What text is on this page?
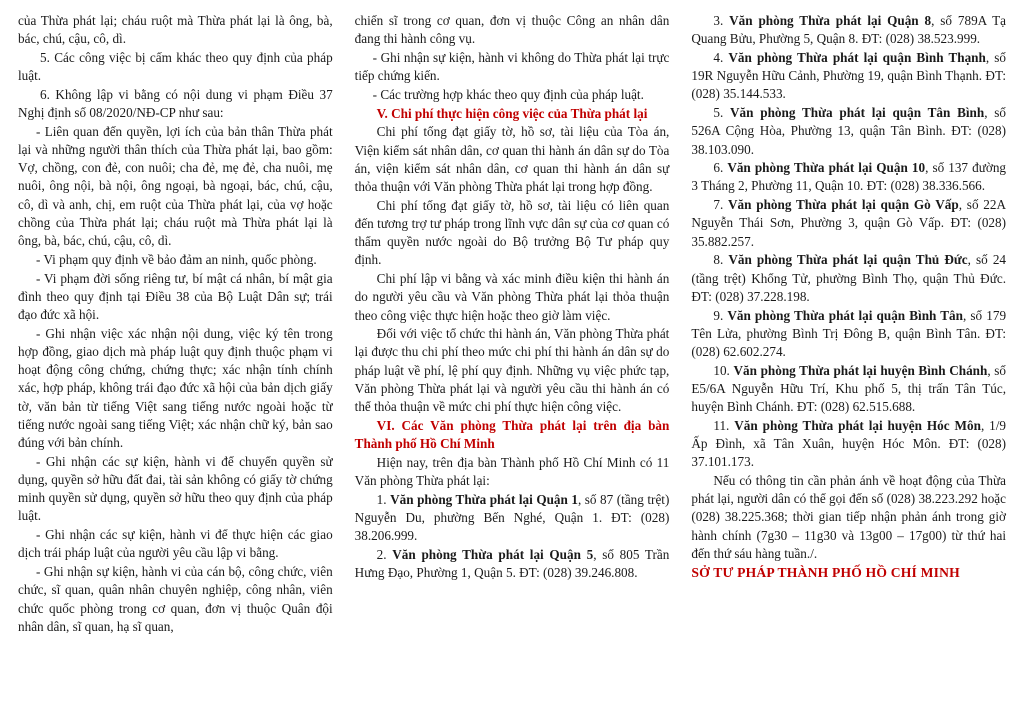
của Thừa phát lại; cháu ruột mà Thừa phát lại là ông, bà, bác, chú, cậu, cô, dì.

5. Các công việc bị cấm khác theo quy định của pháp luật.

6. Không lập vi bằng có nội dung vi phạm Điều 37 Nghị định số 08/2020/NĐ-CP như sau:

- Liên quan đến quyền, lợi ích của bản thân Thừa phát lại và những người thân thích của Thừa phát lại, bao gồm: Vợ, chồng, con đẻ, con nuôi; cha đẻ, mẹ đẻ, cha nuôi, mẹ nuôi, ông nội, bà nội, ông ngoại, bà ngoại, bác, chú, cậu, cô, dì và anh, chị, em ruột của Thừa phát lại, của vợ hoặc chồng của Thừa phát lại; cháu ruột mà Thừa phát lại là ông, bà, bác, chú, cậu, cô, dì.

- Vi phạm quy định về bảo đảm an ninh, quốc phòng.

- Vi phạm đời sống riêng tư, bí mật cá nhân, bí mật gia đình theo quy định tại Điều 38 của Bộ Luật Dân sự; trái đạo đức xã hội.

- Ghi nhận việc xác nhận nội dung, việc ký tên trong hợp đồng, giao dịch mà pháp luật quy định thuộc phạm vi hoạt động công chứng, chứng thực; xác nhận tính chính xác, hợp pháp, không trái đạo đức xã hội của bản dịch giấy tờ, văn bản từ tiếng Việt sang tiếng nước ngoài hoặc từ tiếng nước ngoài sang tiếng Việt; xác nhận chữ ký, bản sao đúng với bản chính.

- Ghi nhận các sự kiện, hành vi để chuyển quyền sử dụng, quyền sở hữu đất đai, tài sản không có giấy tờ chứng minh quyền sử dụng, quyền sở hữu theo quy định của pháp luật.

- Ghi nhận các sự kiện, hành vi để thực hiện các giao dịch trái pháp luật của người yêu cầu lập vi bằng.

- Ghi nhận sự kiện, hành vi của cán bộ, công chức, viên chức, sĩ quan, quân nhân chuyên nghiệp, công nhân, viên chức quốc phòng trong cơ quan, đơn vị thuộc Quân đội nhân dân, sĩ quan, hạ sĩ quan,

chiến sĩ trong cơ quan, đơn vị thuộc Công an nhân dân đang thi hành công vụ.

- Ghi nhận sự kiện, hành vi không do Thừa phát lại trực tiếp chứng kiến.

- Các trường hợp khác theo quy định của pháp luật.

V. Chi phí thực hiện công việc của Thừa phát lại

Chi phí tống đạt giấy tờ, hồ sơ, tài liệu của Tòa án, Viện kiểm sát nhân dân, cơ quan thi hành án dân sự do Tòa án, viện kiểm sát nhân dân, cơ quan thi hành án dân sự thỏa thuận với Văn phòng Thừa phát lại trong hợp đồng.

Chi phí tống đạt giấy tờ, hồ sơ, tài liệu có liên quan đến tương trợ tư pháp trong lĩnh vực dân sự của cơ quan có thẩm quyền nước ngoài do Bộ trưởng Bộ Tư pháp quy định.

Chi phí lập vi bằng và xác minh điều kiện thi hành án do người yêu cầu và Văn phòng Thừa phát lại thỏa thuận theo công việc thực hiện hoặc theo giờ làm việc.

Đối với việc tổ chức thi hành án, Văn phòng Thừa phát lại được thu chi phí theo mức chi phí thi hành án dân sự do pháp luật về phí, lệ phí quy định. Những vụ việc phức tạp, Văn phòng Thừa phát lại và người yêu cầu thi hành án có thể thỏa thuận về mức chi phí thực hiện công việc.

VI. Các Văn phòng Thừa phát lại trên địa bàn Thành phố Hồ Chí Minh

Hiện nay, trên địa bàn Thành phố Hồ Chí Minh có 11 Văn phòng Thừa phát lại:

1. Văn phòng Thừa phát lại Quận 1, số 87 (tầng trệt) Nguyễn Du, phường Bến Nghé, Quận 1. ĐT: (028) 38.206.999.

2. Văn phòng Thừa phát lại Quận 5, số 805 Trần Hưng Đạo, Phường 1, Quận 5. ĐT: (028) 39.246.808.

3. Văn phòng Thừa phát lại Quận 8, số 789A Tạ Quang Bửu, Phường 5, Quận 8. ĐT: (028) 38.523.999.

4. Văn phòng Thừa phát lại quận Bình Thạnh, số 19R Nguyễn Hữu Cảnh, Phường 19, quận Bình Thạnh. ĐT: (028) 35.144.533.

5. Văn phòng Thừa phát lại quận Tân Bình, số 526A Cộng Hòa, Phường 13, quận Tân Bình. ĐT: (028) 38.103.090.

6. Văn phòng Thừa phát lại Quận 10, số 137 đường 3 Tháng 2, Phường 11, Quận 10. ĐT: (028) 38.336.566.

7. Văn phòng Thừa phát lại quận Gò Vấp, số 22A Nguyễn Thái Sơn, Phường 3, quận Gò Vấp. ĐT: (028) 35.882.257.

8. Văn phòng Thừa phát lại quận Thủ Đức, số 24 (tầng trệt) Khổng Tử, phường Bình Thọ, quận Thủ Đức. ĐT: (028) 37.228.198.

9. Văn phòng Thừa phát lại quận Bình Tân, số 179 Tên Lửa, phường Bình Trị Đông B, quận Bình Tân. ĐT: (028) 62.602.274.

10. Văn phòng Thừa phát lại huyện Bình Chánh, số E5/6A Nguyễn Hữu Trí, Khu phố 5, thị trấn Tân Túc, huyện Bình Chánh. ĐT: (028) 62.515.688.

11. Văn phòng Thừa phát lại huyện Hóc Môn, 1/9 Ấp Đình, xã Tân Xuân, huyện Hóc Môn. ĐT: (028) 37.101.173.

Nếu có thông tin cần phản ánh về hoạt động của Thừa phát lại, người dân có thể gọi đến số (028) 38.223.292 hoặc (028) 38.225.368; thời gian tiếp nhận phản ánh trong giờ hành chính (7g30 – 11g30 và 13g00 – 17g00) từ thứ hai đến thứ sáu hàng tuần./.

SỞ TƯ PHÁP THÀNH PHỐ HỒ CHÍ MINH
